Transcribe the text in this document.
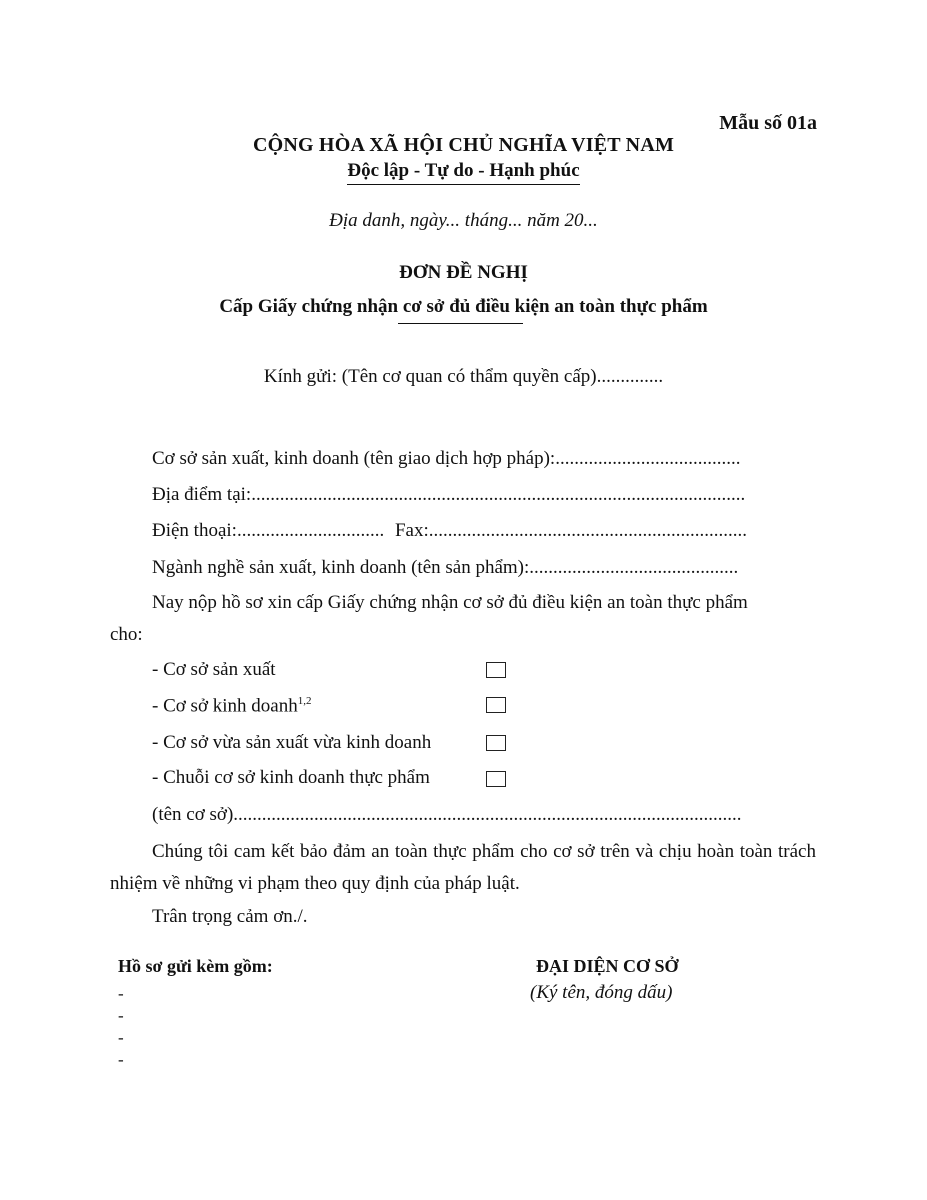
Mẫu số 01a
CỘNG HÒA XÃ HỘI CHỦ NGHĨA VIỆT NAM
Độc lập - Tự do - Hạnh phúc
Địa danh, ngày... tháng... năm 20...
ĐƠN ĐỀ NGHỊ
Cấp Giấy chứng nhận cơ sở đủ điều kiện an toàn thực phẩm
Kính gửi: (Tên cơ quan có thẩm quyền cấp)..............
Cơ sở sản xuất, kinh doanh (tên giao dịch hợp pháp):.......................................
Địa điểm tại:........................................................................................................
Điện thoại:............................... Fax:...................................................................
Ngành nghề sản xuất, kinh doanh (tên sản phẩm):............................................
Nay nộp hồ sơ xin cấp Giấy chứng nhận cơ sở đủ điều kiện an toàn thực phẩm
cho:
- Cơ sở sản xuất
- Cơ sở kinh doanh$^{1,2}$
- Cơ sở vừa sản xuất vừa kinh doanh
- Chuỗi cơ sở kinh doanh thực phẩm
(tên cơ sở)...........................................................................................................
Chúng tôi cam kết bảo đảm an toàn thực phẩm cho cơ sở trên và chịu hoàn toàn trách nhiệm về những vi phạm theo quy định của pháp luật.
Trân trọng cảm ơn./.
Hồ sơ gửi kèm gồm:
-
-
-
-
ĐẠI DIỆN CƠ SỞ
(Ký tên, đóng dấu)
